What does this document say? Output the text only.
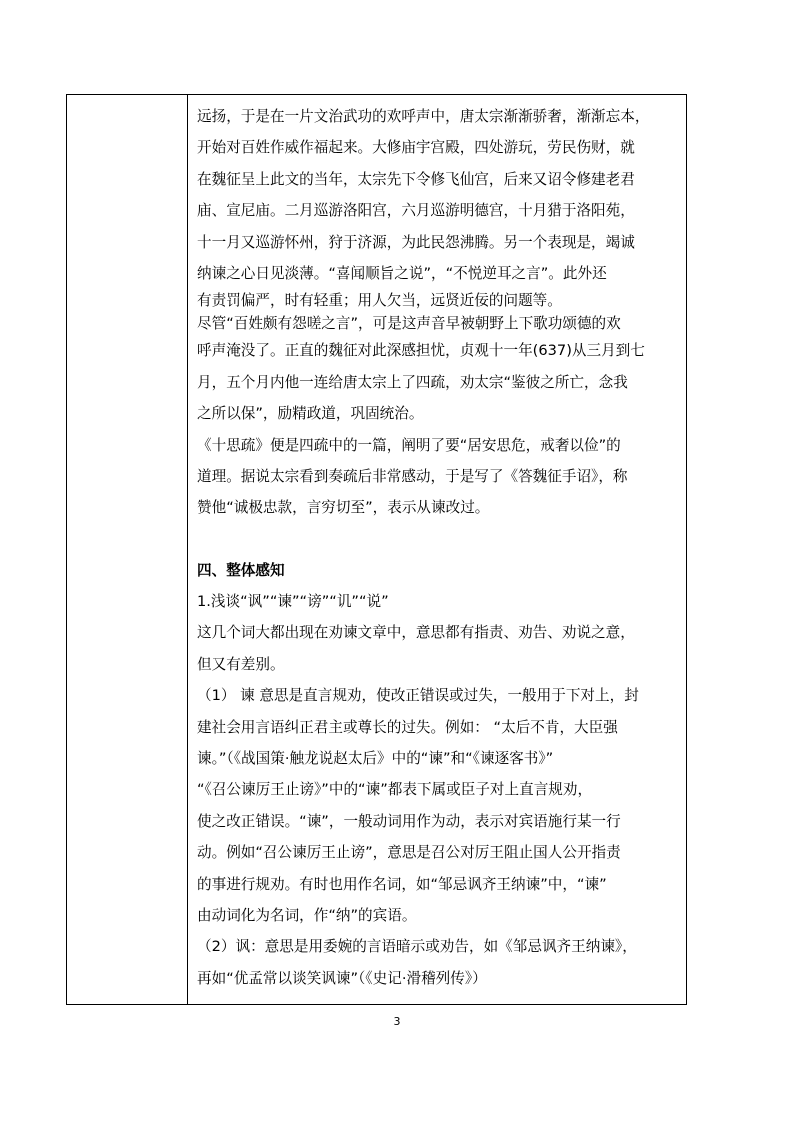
远扬，于是在一片文治武功的欢呼声中，唐太宗渐渐骄奢，渐渐忘本，
开始对百姓作威作福起来。大修庙宇宫殿，四处游玩，劳民伤财，就
在魏征呈上此文的当年，太宗先下令修飞仙宫，后来又诏令修建老君
庙、宣尼庙。二月巡游洛阳宫，六月巡游明德宫，十月猎于洛阳苑，
十一月又巡游怀州，狩于济源，为此民怨沸腾。另一个表现是，竭诚
纳谏之心日见淡薄。“喜闻顺旨之说”，“不悦逆耳之言”。此外还
有责罚偏严，时有轻重；用人欠当，远贤近佞的问题等。
尽管“百姓颇有怨嗟之言”，可是这声音早被朝野上下歌功颂德的欢
呼声淹没了。正直的魏征对此深感担忧，贞观十一年(637)从三月到七
月，五个月内他一连给唐太宗上了四疏，劝太宗“鉴彼之所亡，念我
之所以保”，励精政道，巩固统治。
《十思疏》便是四疏中的一篇，阐明了要“居安思危，戒奢以俭”的
道理。据说太宗看到奏疏后非常感动，于是写了《答魏征手诏》，称
赞他“诚极忠款，言穷切至”，表示从谏改过。
四、整体感知
1.浅谈“讽”“谏”“谤”“讥”“说”
这几个词大都出现在劝谏文章中，意思都有指责、劝告、劝说之意，
但又有差别。
（1） 谏 意思是直言规劝，使改正错误或过失，一般用于下对上，封
建社会用言语纠正君主或尊长的过失。例如： “太后不肯，大臣强
谏。”（《战国策·触龙说赵太后》中的“谏”和“《谏逐客书》”
“《召公谏厉王止谤》”中的“谏”都表下属或臣子对上直言规劝，
使之改正错误。“谏”，一般动词用作为动，表示对宾语施行某一行
动。例如“召公谏厉王止谤”，意思是召公对厉王阻止国人公开指责
的事进行规劝。有时也用作名词，如“邹忌讽齐王纳谏”中，“谏”
由动词化为名词，作“纳”的宾语。
（2）讽：意思是用委婉的言语暗示或劝告，如《邹忌讽齐王纳谏》，
再如“优孟常以谈笑讽谏”（《史记·滑稽列传》）
3
